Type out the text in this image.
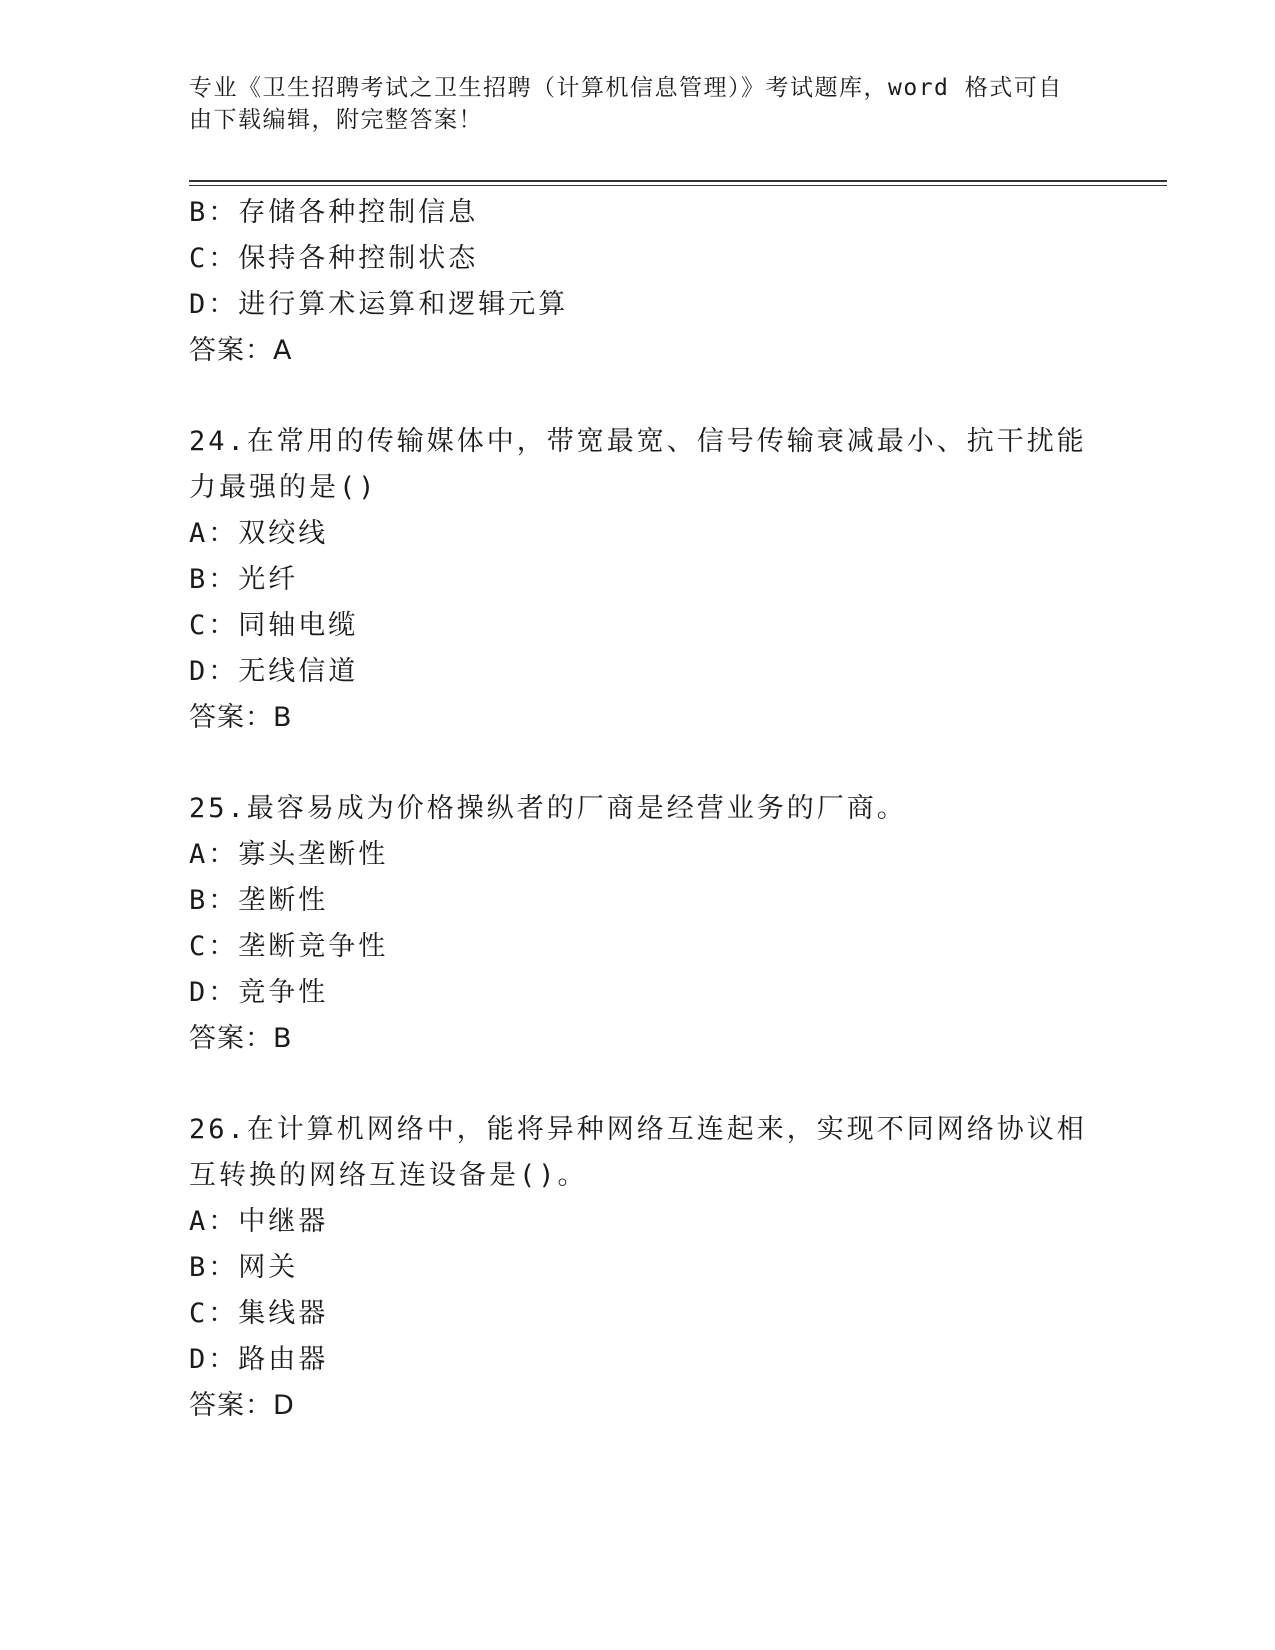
专业《卫生招聘考试之卫生招聘（计算机信息管理）》考试题库，word 格式可自由下载编辑，附完整答案！
B：存储各种控制信息
C：保持各种控制状态
D：进行算术运算和逻辑元算
答案：A
24.在常用的传输媒体中，带宽最宽、信号传输衰减最小、抗干扰能力最强的是()
A：双绞线
B：光纤
C：同轴电缆
D：无线信道
答案：B
25.最容易成为价格操纵者的厂商是经营业务的厂商。
A：寡头垄断性
B：垄断性
C：垄断竞争性
D：竞争性
答案：B
26.在计算机网络中，能将异种网络互连起来，实现不同网络协议相互转换的网络互连设备是()。
A：中继器
B：网关
C：集线器
D：路由器
答案：D
